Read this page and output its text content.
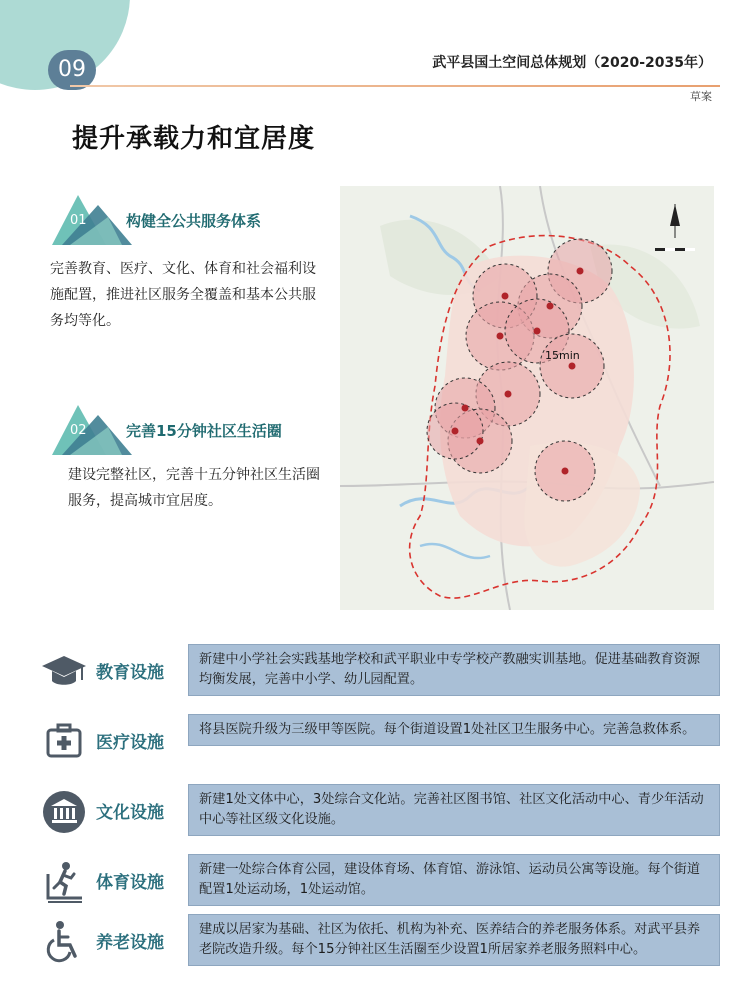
09	武平县国土空间总体规划（2020-2035年）
草案
提升承载力和宜居度
01	构健全公共服务体系
完善教育、医疗、文化、体育和社会福利设施配置，推进社区服务全覆盖和基本公共服务均等化。
02	完善15分钟社区生活圈
建设完整社区，完善十五分钟社区生活圈服务，提高城市宜居度。
15min
教育设施
新建中小学社会实践基地学校和武平职业中专学校产教融实训基地。促进基础教育资源均衡发展，完善中小学、幼儿园配置。
医疗设施
将县医院升级为三级甲等医院。每个街道设置1处社区卫生服务中心。完善急救体系。
文化设施
新建1处文体中心，3处综合文化站。完善社区图书馆、社区文化活动中心、青少年活动中心等社区级文化设施。
体育设施
新建一处综合体育公园，建设体育场、体育馆、游泳馆、运动员公寓等设施。每个街道配置1处运动场，1处运动馆。
养老设施
建成以居家为基础、社区为依托、机构为补充、医养结合的养老服务体系。对武平县养老院改造升级。每个15分钟社区生活圈至少设置1所居家养老服务照料中心。
